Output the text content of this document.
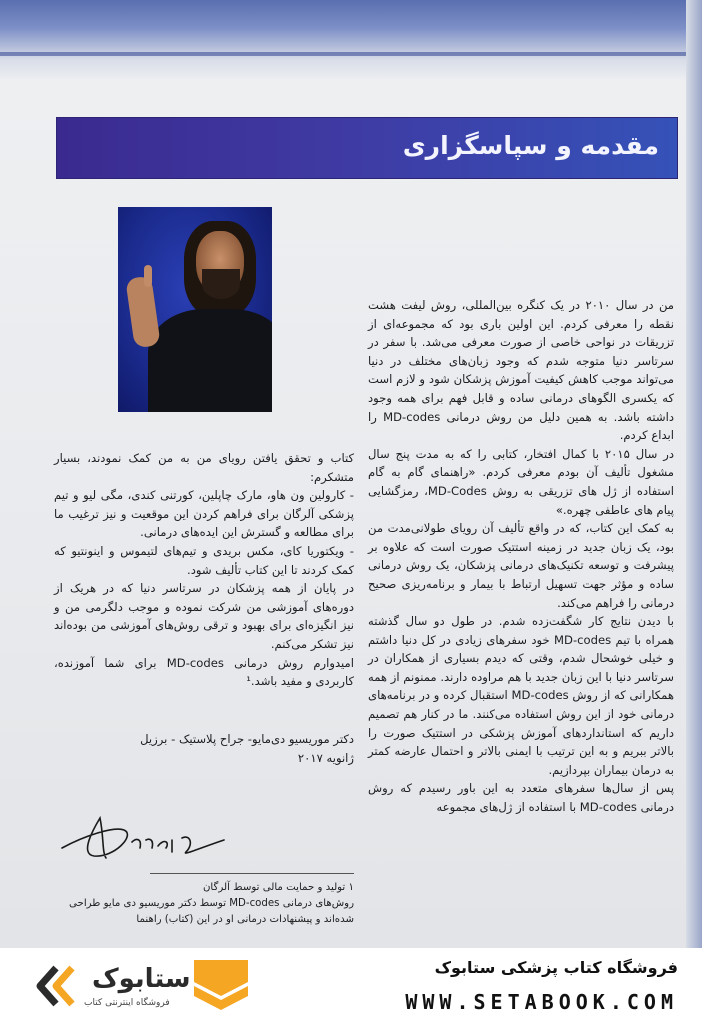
مقدمه و سپاسگزاری

من در سال ۲۰۱۰ در یک کنگره بین‌المللی، روش لیفت هشت نقطه را معرفی کردم. این اولین باری بود که مجموعه‌ای از تزریقات در نواحی خاصی از صورت معرفی می‌شد. با سفر در سرتاسر دنیا متوجه شدم که وجود زبان‌های مختلف در دنیا می‌تواند موجب کاهش کیفیت آموزش پزشکان شود و لازم است که یکسری الگوهای درمانی ساده و قابل فهم برای همه وجود داشته باشد. به همین دلیل من روش درمانی MD-codes را ابداع کردم.

در سال ۲۰۱۵ با کمال افتخار، کتابی را که به مدت پنج سال مشغول تألیف آن بودم معرفی کردم. «راهنمای گام به گام استفاده از ژل های تزریقی به روش MD-Codes، رمزگشایی پیام های عاطفی چهره.»

به کمک این کتاب، که در واقع تألیف آن رویای طولانی‌مدت من بود، یک زبان جدید در زمینه استتیک صورت است که علاوه بر پیشرفت و توسعه تکنیک‌های درمانی پزشکان، یک روش درمانی ساده و مؤثر جهت تسهیل ارتباط با بیمار و برنامه‌ریزی صحیح درمانی را فراهم می‌کند.

با دیدن نتایج کار شگفت‌زده شدم. در طول دو سال گذشته همراه با تیم MD-codes خود سفرهای زیادی در کل دنیا داشتم و خیلی خوشحال شدم، وقتی که دیدم بسیاری از همکاران در سرتاسر دنیا با این زبان جدید با هم مراوده دارند. ممنونم از همه همکارانی که از روش MD-codes استقبال کرده و در برنامه‌های درمانی خود از این روش استفاده می‌کنند. ما در کنار هم تصمیم داریم که استانداردهای آموزش پزشکی در استتیک صورت را بالاتر ببریم و به این ترتیب با ایمنی بالاتر و احتمال عارضه کمتر به درمان بیماران بپردازیم.

پس از سال‌ها سفرهای متعدد به این باور رسیدم که روش درمانی MD-codes با استفاده از ژل‌های مجموعه

کتاب و تحقق یافتن رویای من به من کمک نمودند، بسیار متشکرم:

- کارولین ون هاو، مارک چاپلین، کورتنی کندی، مگی لیو و تیم پزشکی آلرگان برای فراهم کردن این موقعیت و نیز ترغیب ما برای مطالعه و گسترش این ایده‌های درمانی.

- ویکتوریا کای، مکس بریدی و تیم‌های لتیموس و اینونتیو که کمک کردند تا این کتاب تألیف شود.

در پایان از همه پزشکان در سرتاسر دنیا که در هریک از دوره‌های آموزشی من شرکت نموده و موجب دلگرمی من و نیز انگیزه‌ای برای بهبود و ترقی روش‌های آموزشی من بوده‌اند نیز تشکر می‌کنم.

امیدوارم روش درمانی MD-codes برای شما آموزنده، کاربردی و مفید باشد.¹

دکتر موریسیو دی‌مایو- جراح پلاستیک - برزیل
ژانویه ۲۰۱۷
۱ تولید و حمایت مالی توسط آلرگان
روش‌های درمانی MD-codes توسط دکتر موریسیو دی مایو طراحی شده‌اند و پیشنهادات درمانی او در این (کتاب) راهنما
ستابوک
فروشگاه اینترنتی کتاب
فروشگاه کتاب پزشکی ستابوک
WWW.SETABOOK.COM
